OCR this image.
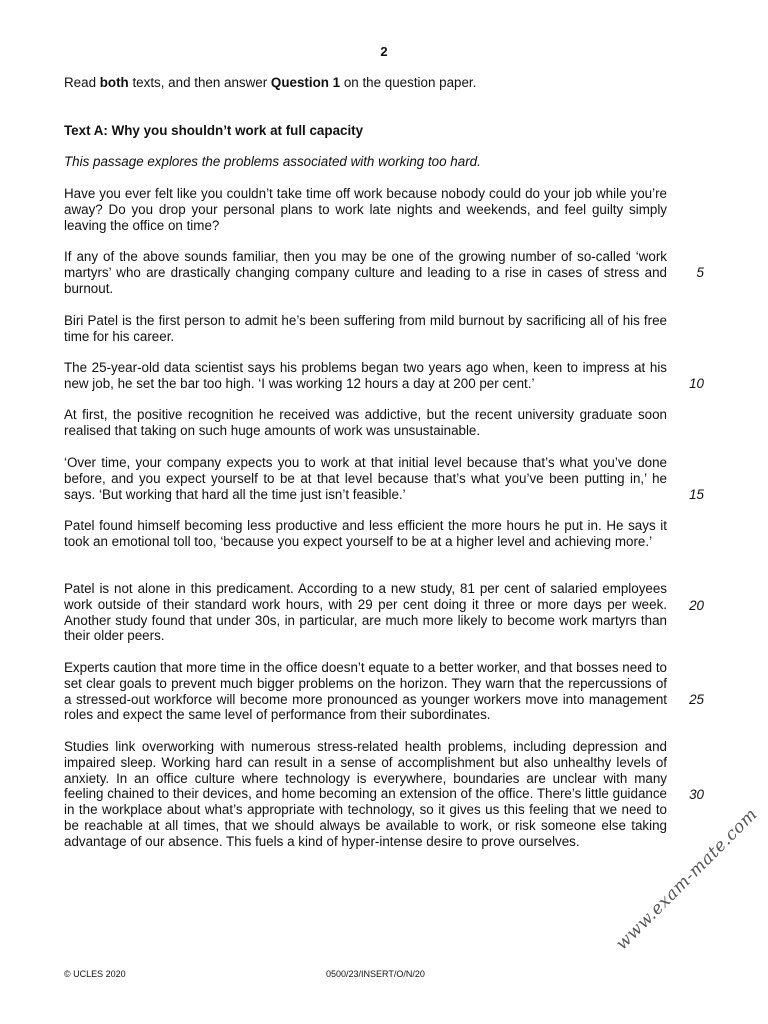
2
Read both texts, and then answer Question 1 on the question paper.
Text A: Why you shouldn’t work at full capacity
This passage explores the problems associated with working too hard.

Have you ever felt like you couldn’t take time off work because nobody could do your job while you’re away? Do you drop your personal plans to work late nights and weekends, and feel guilty simply leaving the office on time?

If any of the above sounds familiar, then you may be one of the growing number of so-called ‘work martyrs’ who are drastically changing company culture and leading to a rise in cases of stress and burnout.

Biri Patel is the first person to admit he’s been suffering from mild burnout by sacrificing all of his free time for his career.

The 25-year-old data scientist says his problems began two years ago when, keen to impress at his new job, he set the bar too high. ‘I was working 12 hours a day at 200 per cent.’

At first, the positive recognition he received was addictive, but the recent university graduate soon realised that taking on such huge amounts of work was unsustainable.

‘Over time, your company expects you to work at that initial level because that’s what you’ve done before, and you expect yourself to be at that level because that’s what you’ve been putting in,’ he says. ‘But working that hard all the time just isn’t feasible.’

Patel found himself becoming less productive and less efficient the more hours he put in. He says it took an emotional toll too, ‘because you expect yourself to be at a higher level and achieving more.’

Patel is not alone in this predicament. According to a new study, 81 per cent of salaried employees work outside of their standard work hours, with 29 per cent doing it three or more days per week. Another study found that under 30s, in particular, are much more likely to become work martyrs than their older peers.

Experts caution that more time in the office doesn’t equate to a better worker, and that bosses need to set clear goals to prevent much bigger problems on the horizon. They warn that the repercussions of a stressed-out workforce will become more pronounced as younger workers move into management roles and expect the same level of performance from their subordinates.

Studies link overworking with numerous stress-related health problems, including depression and impaired sleep. Working hard can result in a sense of accomplishment but also unhealthy levels of anxiety. In an office culture where technology is everywhere, boundaries are unclear with many feeling chained to their devices, and home becoming an extension of the office. There’s little guidance in the workplace about what’s appropriate with technology, so it gives us this feeling that we need to be reachable at all times, that we should always be available to work, or risk someone else taking advantage of our absence. This fuels a kind of hyper-intense desire to prove ourselves.

5
10
15
20
25
30
© UCLES 2020	0500/23/INSERT/O/N/20
www.exam-mate.com
